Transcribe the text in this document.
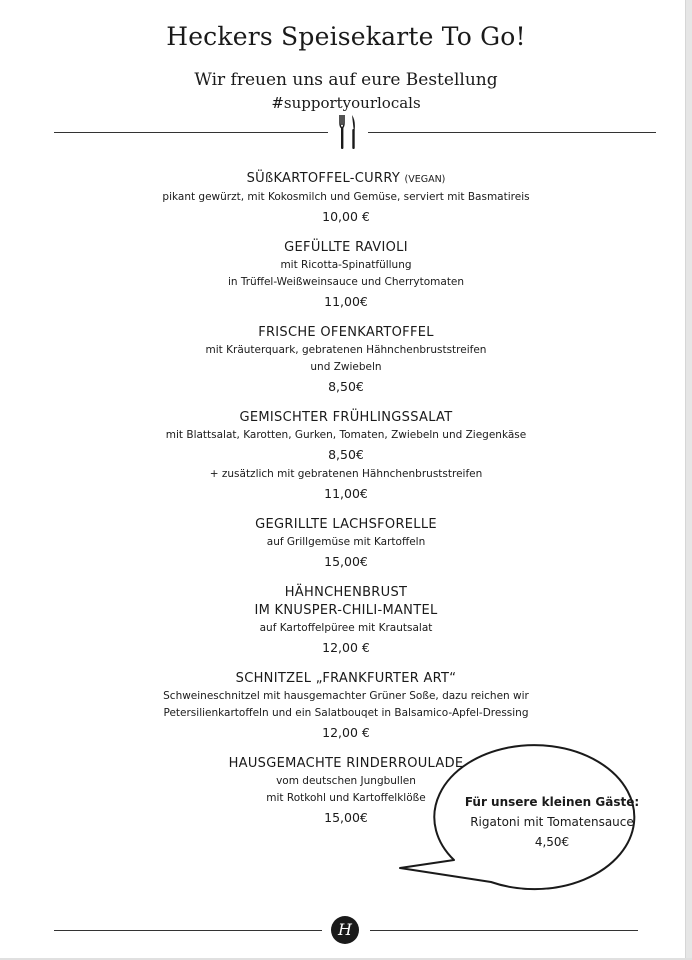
Heckers Speisekarte To Go!
Wir freuen uns auf eure Bestellung
#supportyourlocals
SÜßKARTOFFEL-CURRY (VEGAN)
pikant gewürzt, mit Kokosmilch und Gemüse, serviert mit Basmatireis
10,00 €
GEFÜLLTE RAVIOLI
mit Ricotta-Spinatfüllung
in Trüffel-Weißweinsauce und Cherrytomaten
11,00€
FRISCHE OFENKARTOFFEL
mit Kräuterquark, gebratenen Hähnchenbruststreifen
und Zwiebeln
8,50€
GEMISCHTER FRÜHLINGSSALAT
mit Blattsalat, Karotten, Gurken, Tomaten, Zwiebeln und Ziegenkäse
8,50€
+ zusätzlich mit gebratenen Hähnchenbruststreifen
11,00€
GEGRILLTE LACHSFORELLE
auf Grillgemüse mit Kartoffeln
15,00€
HÄHNCHENBRUST
IM KNUSPER-CHILI-MANTEL
auf Kartoffelpüree mit Krautsalat
12,00 €
SCHNITZEL „FRANKFURTER ART“
Schweineschnitzel mit hausgemachter Grüner Soße, dazu reichen wir
Petersilienkartoffeln und ein Salatbouqet in Balsamico-Apfel-Dressing
12,00 €
HAUSGEMACHTE RINDERROULADE
vom deutschen Jungbullen
mit Rotkohl und Kartoffelklöße
15,00€
Für unsere kleinen Gäste:
Rigatoni mit Tomatensauce
4,50€
H
